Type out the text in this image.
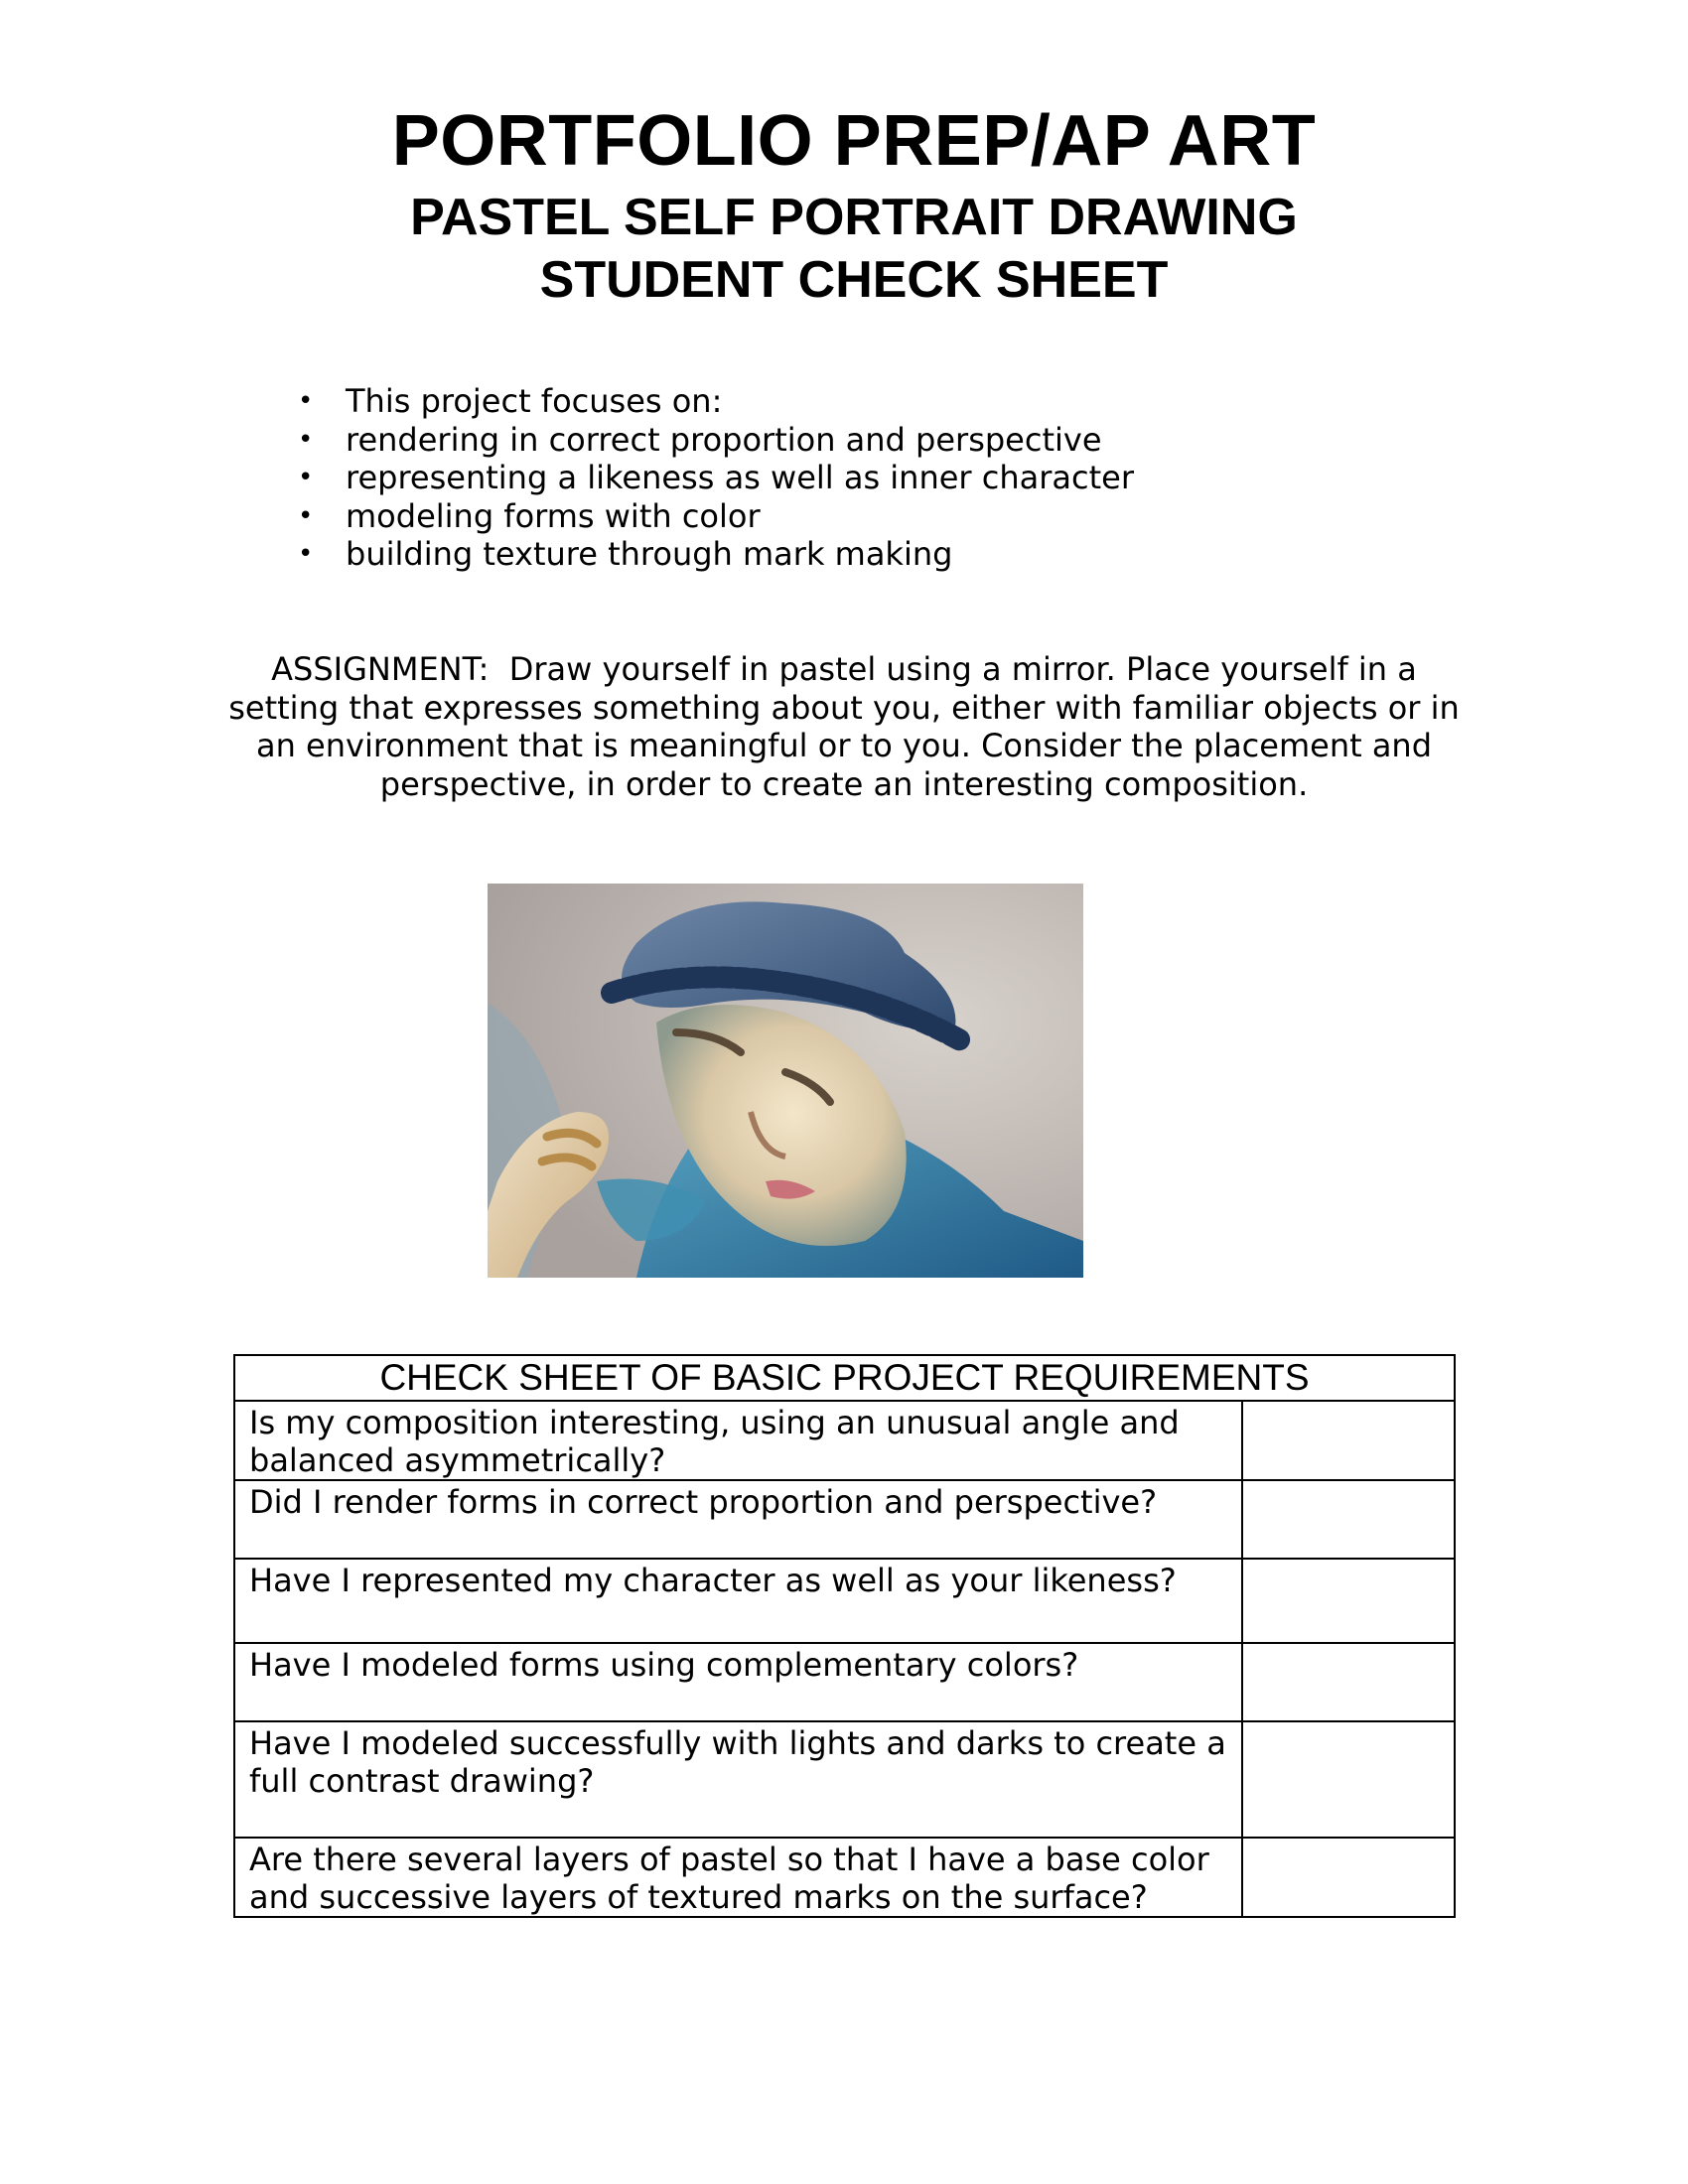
PORTFOLIO PREP/AP ART
PASTEL SELF PORTRAIT DRAWING
STUDENT CHECK SHEET
• This project focuses on:
• rendering in correct proportion and perspective
• representing a likeness as well as inner character
• modeling forms with color
• building texture through mark making

ASSIGNMENT: Draw yourself in pastel using a mirror. Place yourself in a setting that expresses something about you, either with familiar objects or in an environment that is meaningful or to you. Consider the placement and perspective, in order to create an interesting composition.

CHECK SHEET OF BASIC PROJECT REQUIREMENTS	
Is my composition interesting, using an unusual angle and balanced asymmetrically?	
Did I render forms in correct proportion and perspective?	
Have I represented my character as well as your likeness?	
Have I modeled forms using complementary colors?	
Have I modeled successfully with lights and darks to create a full contrast drawing?	
Are there several layers of pastel so that I have a base color and successive layers of textured marks on the surface?	
